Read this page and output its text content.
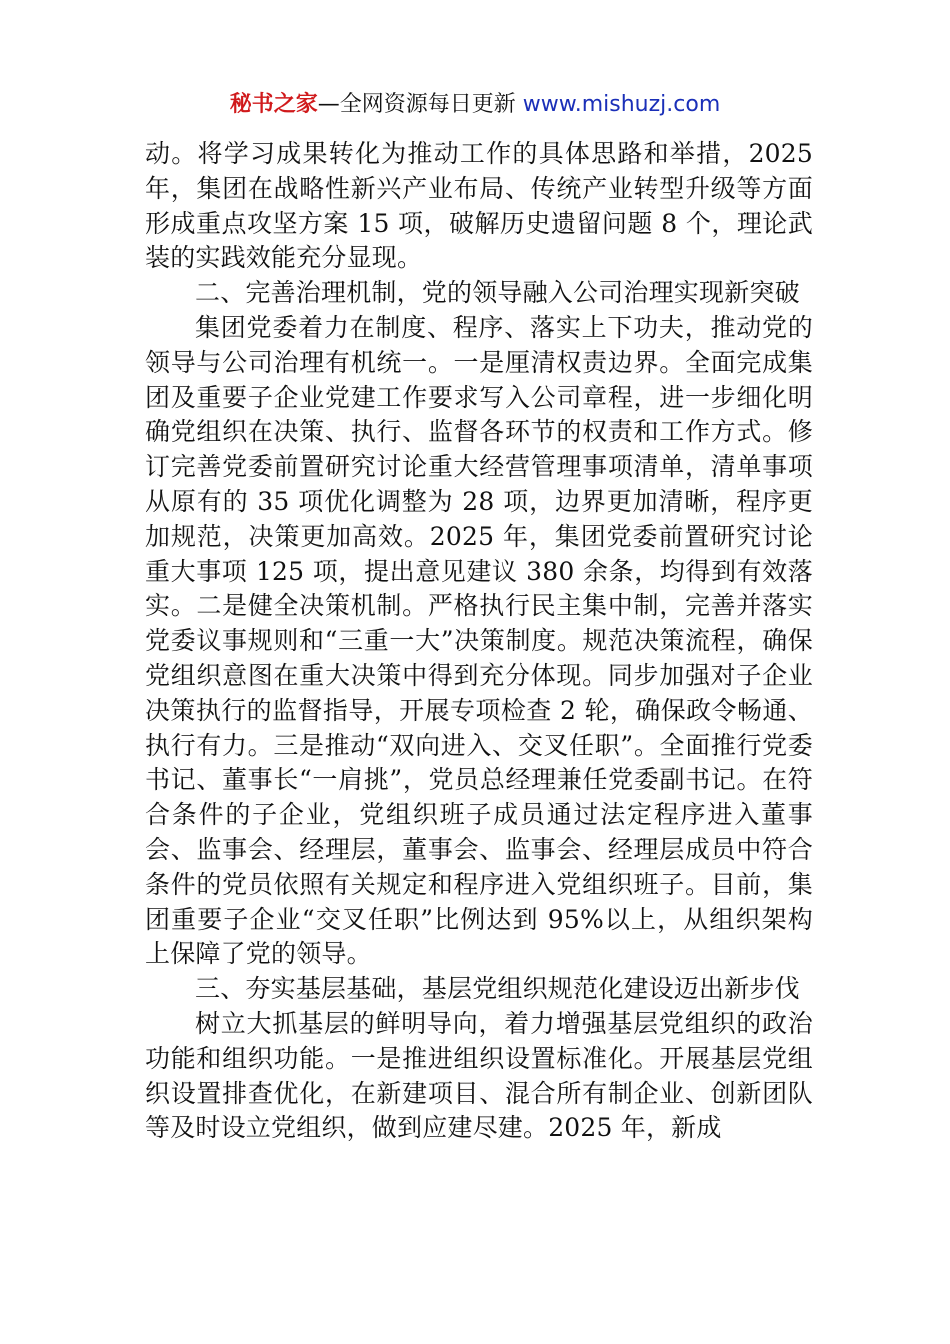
秘书之家—全网资源每日更新 www.mishuzj.com

动。将学习成果转化为推动工作的具体思路和举措，2025年，集团在战略性新兴产业布局、传统产业转型升级等方面形成重点攻坚方案 15 项，破解历史遗留问题 8 个，理论武装的实践效能充分显现。

二、完善治理机制，党的领导融入公司治理实现新突破

集团党委着力在制度、程序、落实上下功夫，推动党的领导与公司治理有机统一。一是厘清权责边界。全面完成集团及重要子企业党建工作要求写入公司章程，进一步细化明确党组织在决策、执行、监督各环节的权责和工作方式。修订完善党委前置研究讨论重大经营管理事项清单，清单事项从原有的 35 项优化调整为 28 项，边界更加清晰，程序更加规范，决策更加高效。2025 年，集团党委前置研究讨论重大事项 125 项，提出意见建议 380 余条，均得到有效落实。二是健全决策机制。严格执行民主集中制，完善并落实党委议事规则和“三重一大”决策制度。规范决策流程，确保党组织意图在重大决策中得到充分体现。同步加强对子企业决策执行的监督指导，开展专项检查 2 轮，确保政令畅通、执行有力。三是推动“双向进入、交叉任职”。全面推行党委书记、董事长“一肩挑”，党员总经理兼任党委副书记。在符合条件的子企业，党组织班子成员通过法定程序进入董事会、监事会、经理层，董事会、监事会、经理层成员中符合条件的党员依照有关规定和程序进入党组织班子。目前，集团重要子企业“交叉任职”比例达到 95%以上，从组织架构上保障了党的领导。

三、夯实基层基础，基层党组织规范化建设迈出新步伐

树立大抓基层的鲜明导向，着力增强基层党组织的政治功能和组织功能。一是推进组织设置标准化。开展基层党组织设置排查优化，在新建项目、混合所有制企业、创新团队等及时设立党组织，做到应建尽建。2025 年，新成
